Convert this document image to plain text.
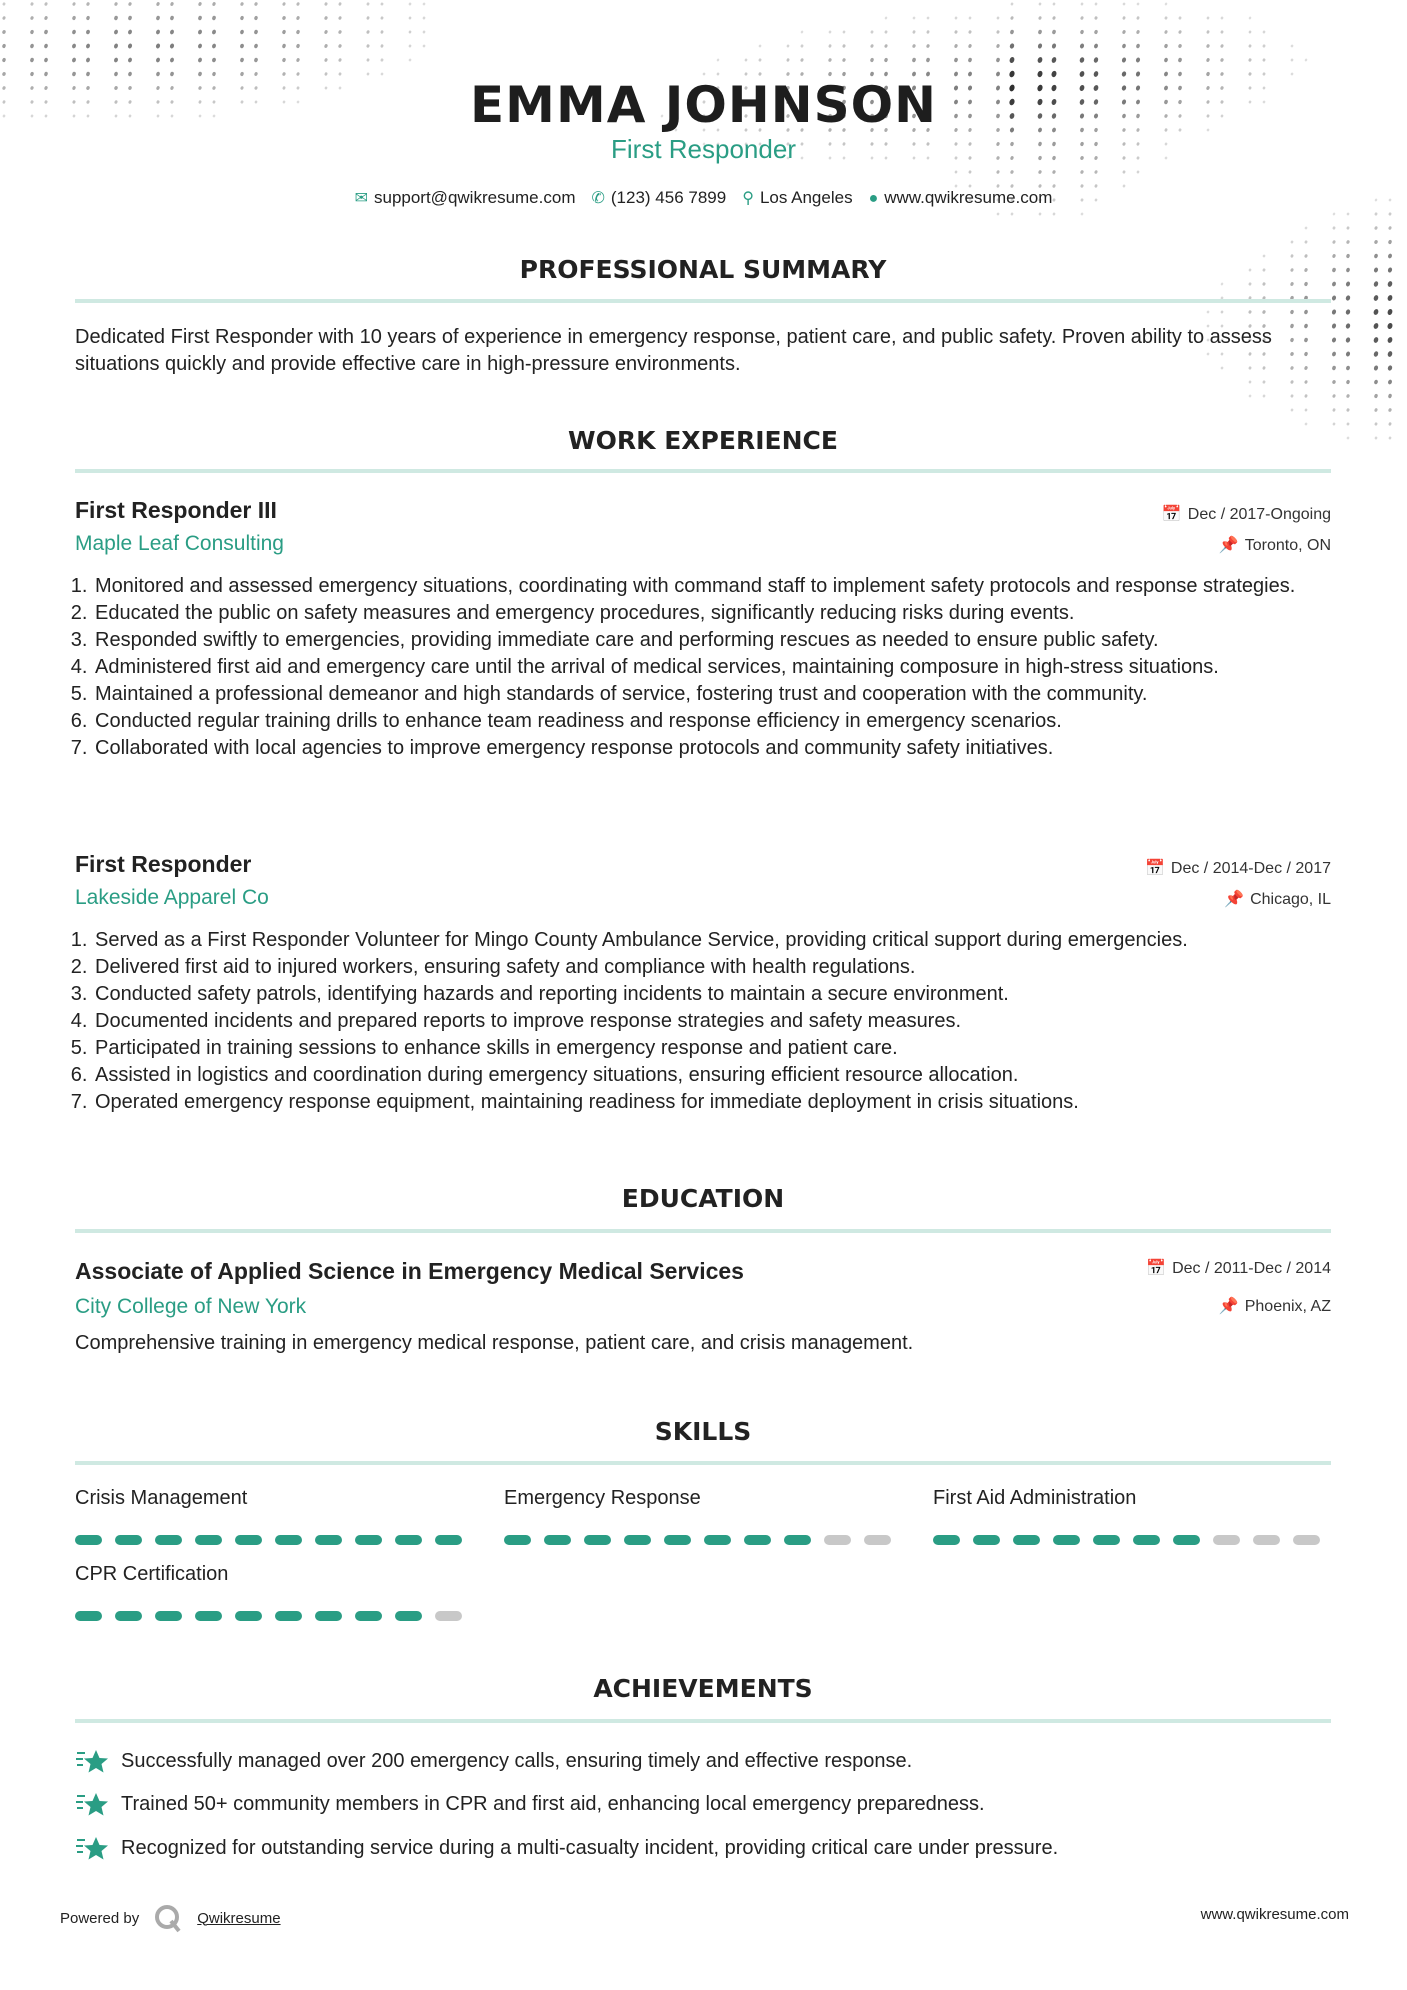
EMMA JOHNSON
First Responder
✉ support@qwikresume.com ✆ (123) 456 7899 ⚲ Los Angeles ● www.qwikresume.com
PROFESSIONAL SUMMARY
Dedicated First Responder with 10 years of experience in emergency response, patient care, and public safety. Proven ability to assess situations quickly and provide effective care in high-pressure environments.
WORK EXPERIENCE
First Responder III
Maple Leaf Consulting
📅 Dec / 2017-Ongoing
📌 Toronto, ON
1. Monitored and assessed emergency situations, coordinating with command staff to implement safety protocols and response strategies.
2. Educated the public on safety measures and emergency procedures, significantly reducing risks during events.
3. Responded swiftly to emergencies, providing immediate care and performing rescues as needed to ensure public safety.
4. Administered first aid and emergency care until the arrival of medical services, maintaining composure in high-stress situations.
5. Maintained a professional demeanor and high standards of service, fostering trust and cooperation with the community.
6. Conducted regular training drills to enhance team readiness and response efficiency in emergency scenarios.
7. Collaborated with local agencies to improve emergency response protocols and community safety initiatives.
First Responder
Lakeside Apparel Co
📅 Dec / 2014-Dec / 2017
📌 Chicago, IL
1. Served as a First Responder Volunteer for Mingo County Ambulance Service, providing critical support during emergencies.
2. Delivered first aid to injured workers, ensuring safety and compliance with health regulations.
3. Conducted safety patrols, identifying hazards and reporting incidents to maintain a secure environment.
4. Documented incidents and prepared reports to improve response strategies and safety measures.
5. Participated in training sessions to enhance skills in emergency response and patient care.
6. Assisted in logistics and coordination during emergency situations, ensuring efficient resource allocation.
7. Operated emergency response equipment, maintaining readiness for immediate deployment in crisis situations.
EDUCATION
Associate of Applied Science in Emergency Medical Services
City College of New York
📅 Dec / 2011-Dec / 2014
📌 Phoenix, AZ
Comprehensive training in emergency medical response, patient care, and crisis management.
SKILLS
Crisis Management	Emergency Response	First Aid Administration
CPR Certification
ACHIEVEMENTS
Successfully managed over 200 emergency calls, ensuring timely and effective response.
Trained 50+ community members in CPR and first aid, enhancing local emergency preparedness.
Recognized for outstanding service during a multi-casualty incident, providing critical care under pressure.
Powered by	Qwikresume	www.qwikresume.com
